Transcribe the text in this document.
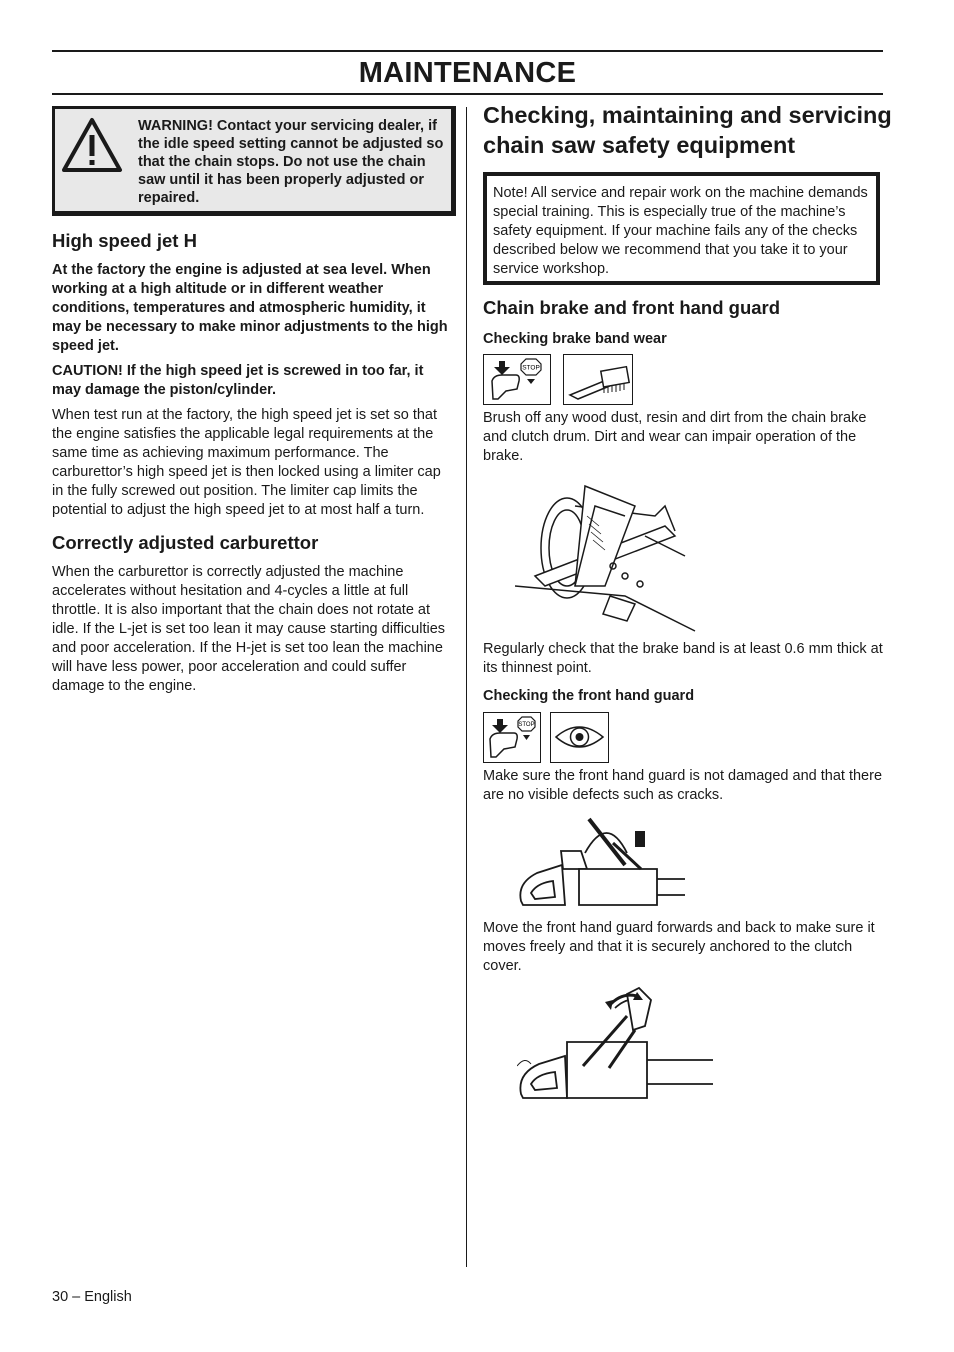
MAINTENANCE
WARNING! Contact your servicing dealer, if the idle speed setting cannot be adjusted so that the chain stops. Do not use the chain saw until it has been properly adjusted or repaired.
High speed jet H

At the factory the engine is adjusted at sea level. When working at a high altitude or in different weather conditions, temperatures and atmospheric humidity, it may be necessary to make minor adjustments to the high speed jet.

CAUTION! If the high speed jet is screwed in too far, it may damage the piston/cylinder.

When test run at the factory, the high speed jet is set so that the engine satisfies the applicable legal requirements at the same time as achieving maximum performance. The carburettor’s high speed jet is then locked using a limiter cap in the fully screwed out position. The limiter cap limits the potential to adjust the high speed jet to at most half a turn.

Correctly adjusted carburettor

When the carburettor is correctly adjusted the machine accelerates without hesitation and 4-cycles a little at full throttle. It is also important that the chain does not rotate at idle. If the L-jet is set too lean it may cause starting difficulties and poor acceleration. If the H-jet is set too lean the machine will have less power, poor acceleration and could suffer damage to the engine.

Checking, maintaining and servicing chain saw safety equipment
Note! All service and repair work on the machine demands special training. This is especially true of the machine’s safety equipment. If your machine fails any of the checks described below we recommend that you take it to your service workshop.
Chain brake and front hand guard
Checking brake band wear
STOP

Brush off any wood dust, resin and dirt from the chain brake and clutch drum. Dirt and wear can impair operation of the brake.

Regularly check that the brake band is at least 0.6 mm thick at its thinnest point.

Checking the front hand guard
STOP

Make sure the front hand guard is not damaged and that there are no visible defects such as cracks.

Move the front hand guard forwards and back to make sure it moves freely and that it is securely anchored to the clutch cover.

30 – English
